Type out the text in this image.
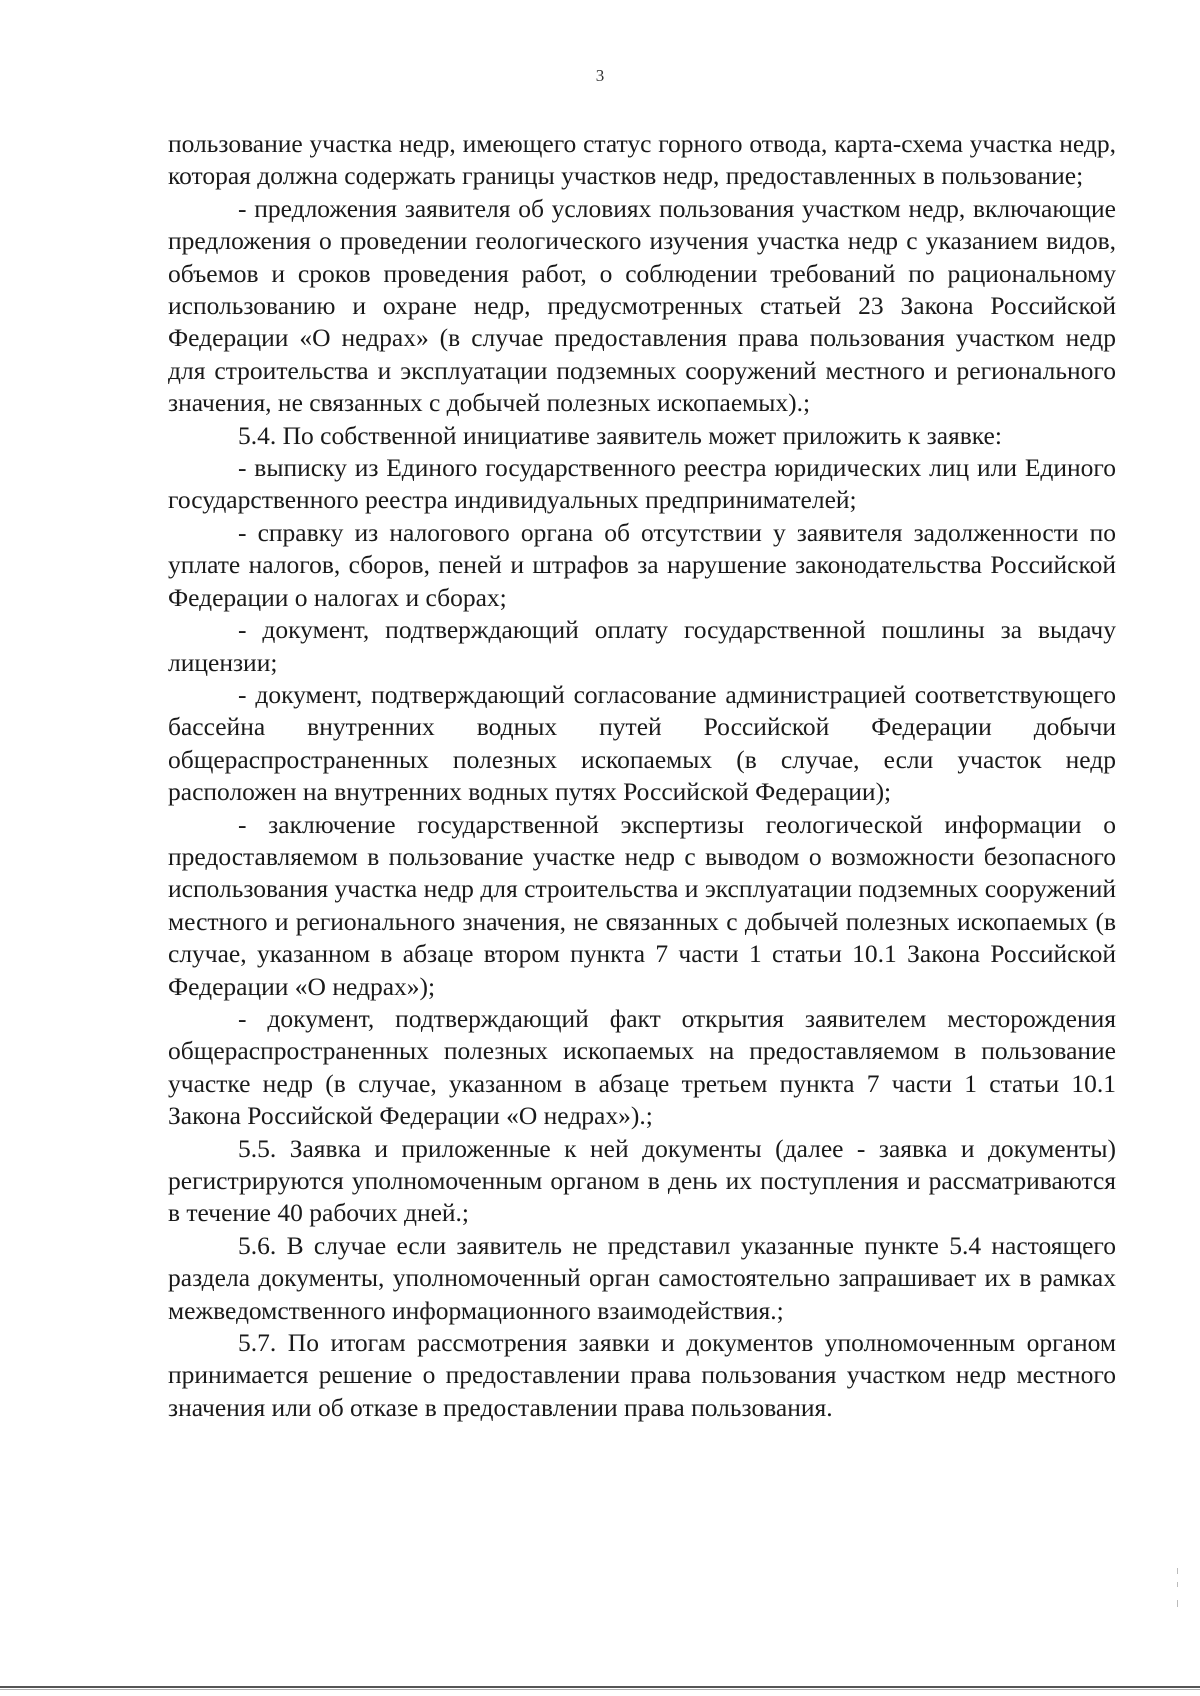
3

пользование участка недр, имеющего статус горного отвода, карта-схема участка недр, которая должна содержать границы участков недр, предоставленных в пользование;

- предложения заявителя об условиях пользования участком недр, включающие предложения о проведении геологического изучения участка недр с указанием видов, объемов и сроков проведения работ, о соблюдении требований по рациональному использованию и охране недр, предусмотренных статьей 23 Закона Российской Федерации «О недрах» (в случае предоставления права пользования участком недр для строительства и эксплуатации подземных сооружений местного и регионального значения, не связанных с добычей полезных ископаемых).;

5.4. По собственной инициативе заявитель может приложить к заявке:

- выписку из Единого государственного реестра юридических лиц или Единого государственного реестра индивидуальных предпринимателей;

- справку из налогового органа об отсутствии у заявителя задолженности по уплате налогов, сборов, пеней и штрафов за нарушение законодательства Российской Федерации о налогах и сборах;

- документ, подтверждающий оплату государственной пошлины за выдачу лицензии;

- документ, подтверждающий согласование администрацией соответствующего бассейна внутренних водных путей Российской Федерации добычи общераспространенных полезных ископаемых (в случае, если участок недр расположен на внутренних водных путях Российской Федерации);

- заключение государственной экспертизы геологической информации о предоставляемом в пользование участке недр с выводом о возможности безопасного использования участка недр для строительства и эксплуатации подземных сооружений местного и регионального значения, не связанных с добычей полезных ископаемых (в случае, указанном в абзаце втором пункта 7 части 1 статьи 10.1 Закона Российской Федерации «О недрах»);

- документ, подтверждающий факт открытия заявителем месторождения общераспространенных полезных ископаемых на предоставляемом в пользование участке недр (в случае, указанном в абзаце третьем пункта 7 части 1 статьи 10.1 Закона Российской Федерации «О недрах»).;

5.5. Заявка и приложенные к ней документы (далее - заявка и документы) регистрируются уполномоченным органом в день их поступления и рассматриваются в течение 40 рабочих дней.;

5.6. В случае если заявитель не представил указанные пункте 5.4 настоящего раздела документы, уполномоченный орган самостоятельно запрашивает их в рамках межведомственного информационного взаимодействия.;

5.7. По итогам рассмотрения заявки и документов уполномоченным органом принимается решение о предоставлении права пользования участком недр местного значения или об отказе в предоставлении права пользования.
